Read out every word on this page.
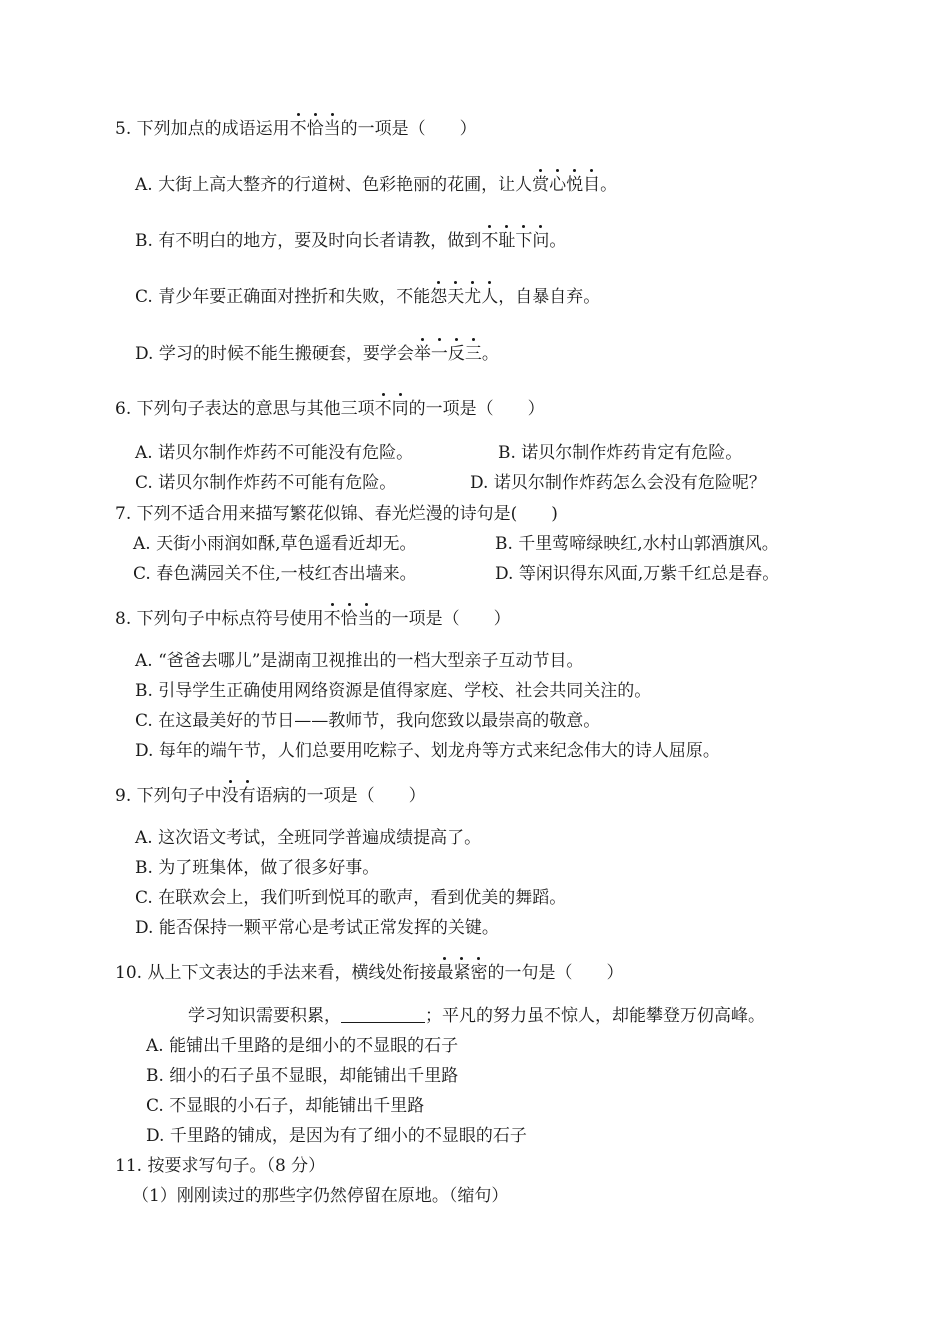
5. 下列加点的成语运用不恰当的一项是（　　）
A. 大街上高大整齐的行道树、色彩艳丽的花圃，让人赏心悦目。
B. 有不明白的地方，要及时向长者请教，做到不耻下问。
C. 青少年要正确面对挫折和失败，不能怨天尤人，自暴自弃。
D. 学习的时候不能生搬硬套，要学会举一反三。
6. 下列句子表达的意思与其他三项不同的一项是（　　）
A. 诺贝尔制作炸药不可能没有危险。	B. 诺贝尔制作炸药肯定有危险。
C. 诺贝尔制作炸药不可能有危险。	D. 诺贝尔制作炸药怎么会没有危险呢？
7. 下列不适合用来描写繁花似锦、春光烂漫的诗句是(　　)
A. 天街小雨润如酥,草色遥看近却无。	B. 千里莺啼绿映红,水村山郭酒旗风。
C. 春色满园关不住,一枝红杏出墙来。	D. 等闲识得东风面,万紫千红总是春。
8. 下列句子中标点符号使用不恰当的一项是（　　）
A. “爸爸去哪儿”是湖南卫视推出的一档大型亲子互动节目。
B. 引导学生正确使用网络资源是值得家庭、学校、社会共同关注的。
C. 在这最美好的节日——教师节，我向您致以最崇高的敬意。
D. 每年的端午节，人们总要用吃粽子、划龙舟等方式来纪念伟大的诗人屈原。
9. 下列句子中没有语病的一项是（　　）
A. 这次语文考试，全班同学普遍成绩提高了。
B. 为了班集体，做了很多好事。
C. 在联欢会上，我们听到悦耳的歌声，看到优美的舞蹈。
D. 能否保持一颗平常心是考试正常发挥的关键。
10. 从上下文表达的手法来看，横线处衔接最紧密的一句是（　　）
学习知识需要积累，	；平凡的努力虽不惊人，却能攀登万仞高峰。
A. 能铺出千里路的是细小的不显眼的石子
B. 细小的石子虽不显眼，却能铺出千里路
C. 不显眼的小石子，却能铺出千里路
D. 千里路的铺成，是因为有了细小的不显眼的石子
11. 按要求写句子。（8 分）
（1）刚刚读过的那些字仍然停留在原地。（缩句）
